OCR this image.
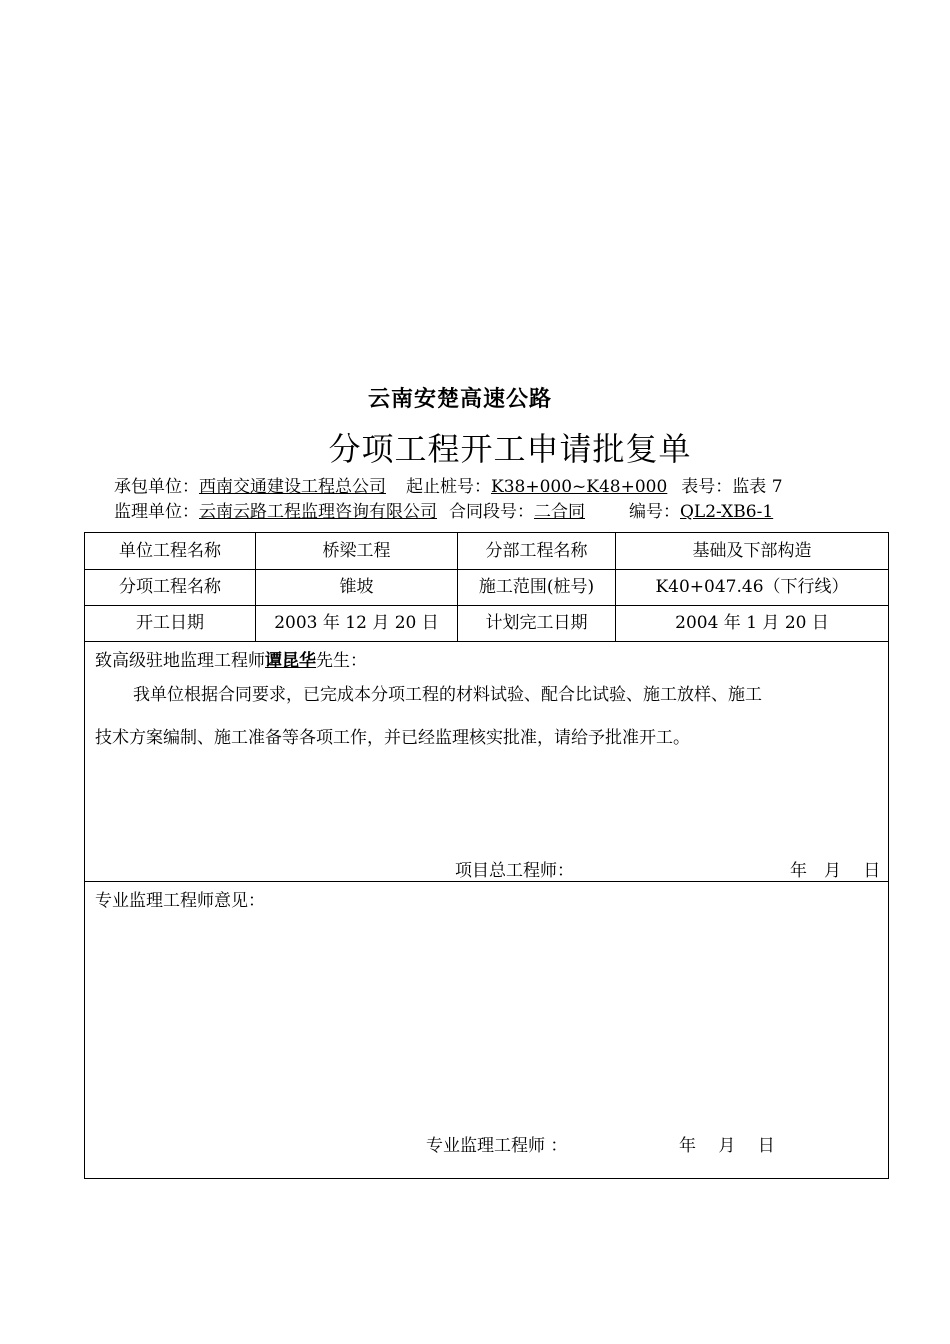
云南安楚高速公路
分项工程开工申请批复单
承包单位：西南交通建设工程总公司 起止桩号：K38+000~K48+000 表号：监表 7
监理单位：云南云路工程监理咨询有限公司 合同段号：二合同	编号：QL2-XB6-1
单位工程名称	桥梁工程	分部工程名称	基础及下部构造
分项工程名称	锥坡	施工范围(桩号)	K40+047.46（下行线）
开工日期	2003 年 12 月 20 日	计划完工日期	2004 年 1 月 20 日
致高级驻地监理工程师谭昆华先生：
我单位根据合同要求，已完成本分项工程的材料试验、配合比试验、施工放样、施工
技术方案编制、施工准备等各项工作，并已经监理核实批准，请给予批准开工。
项目总工程师：	年　月　 日
专业监理工程师意见：
专业监理工程师 ：	年　 月　 日
